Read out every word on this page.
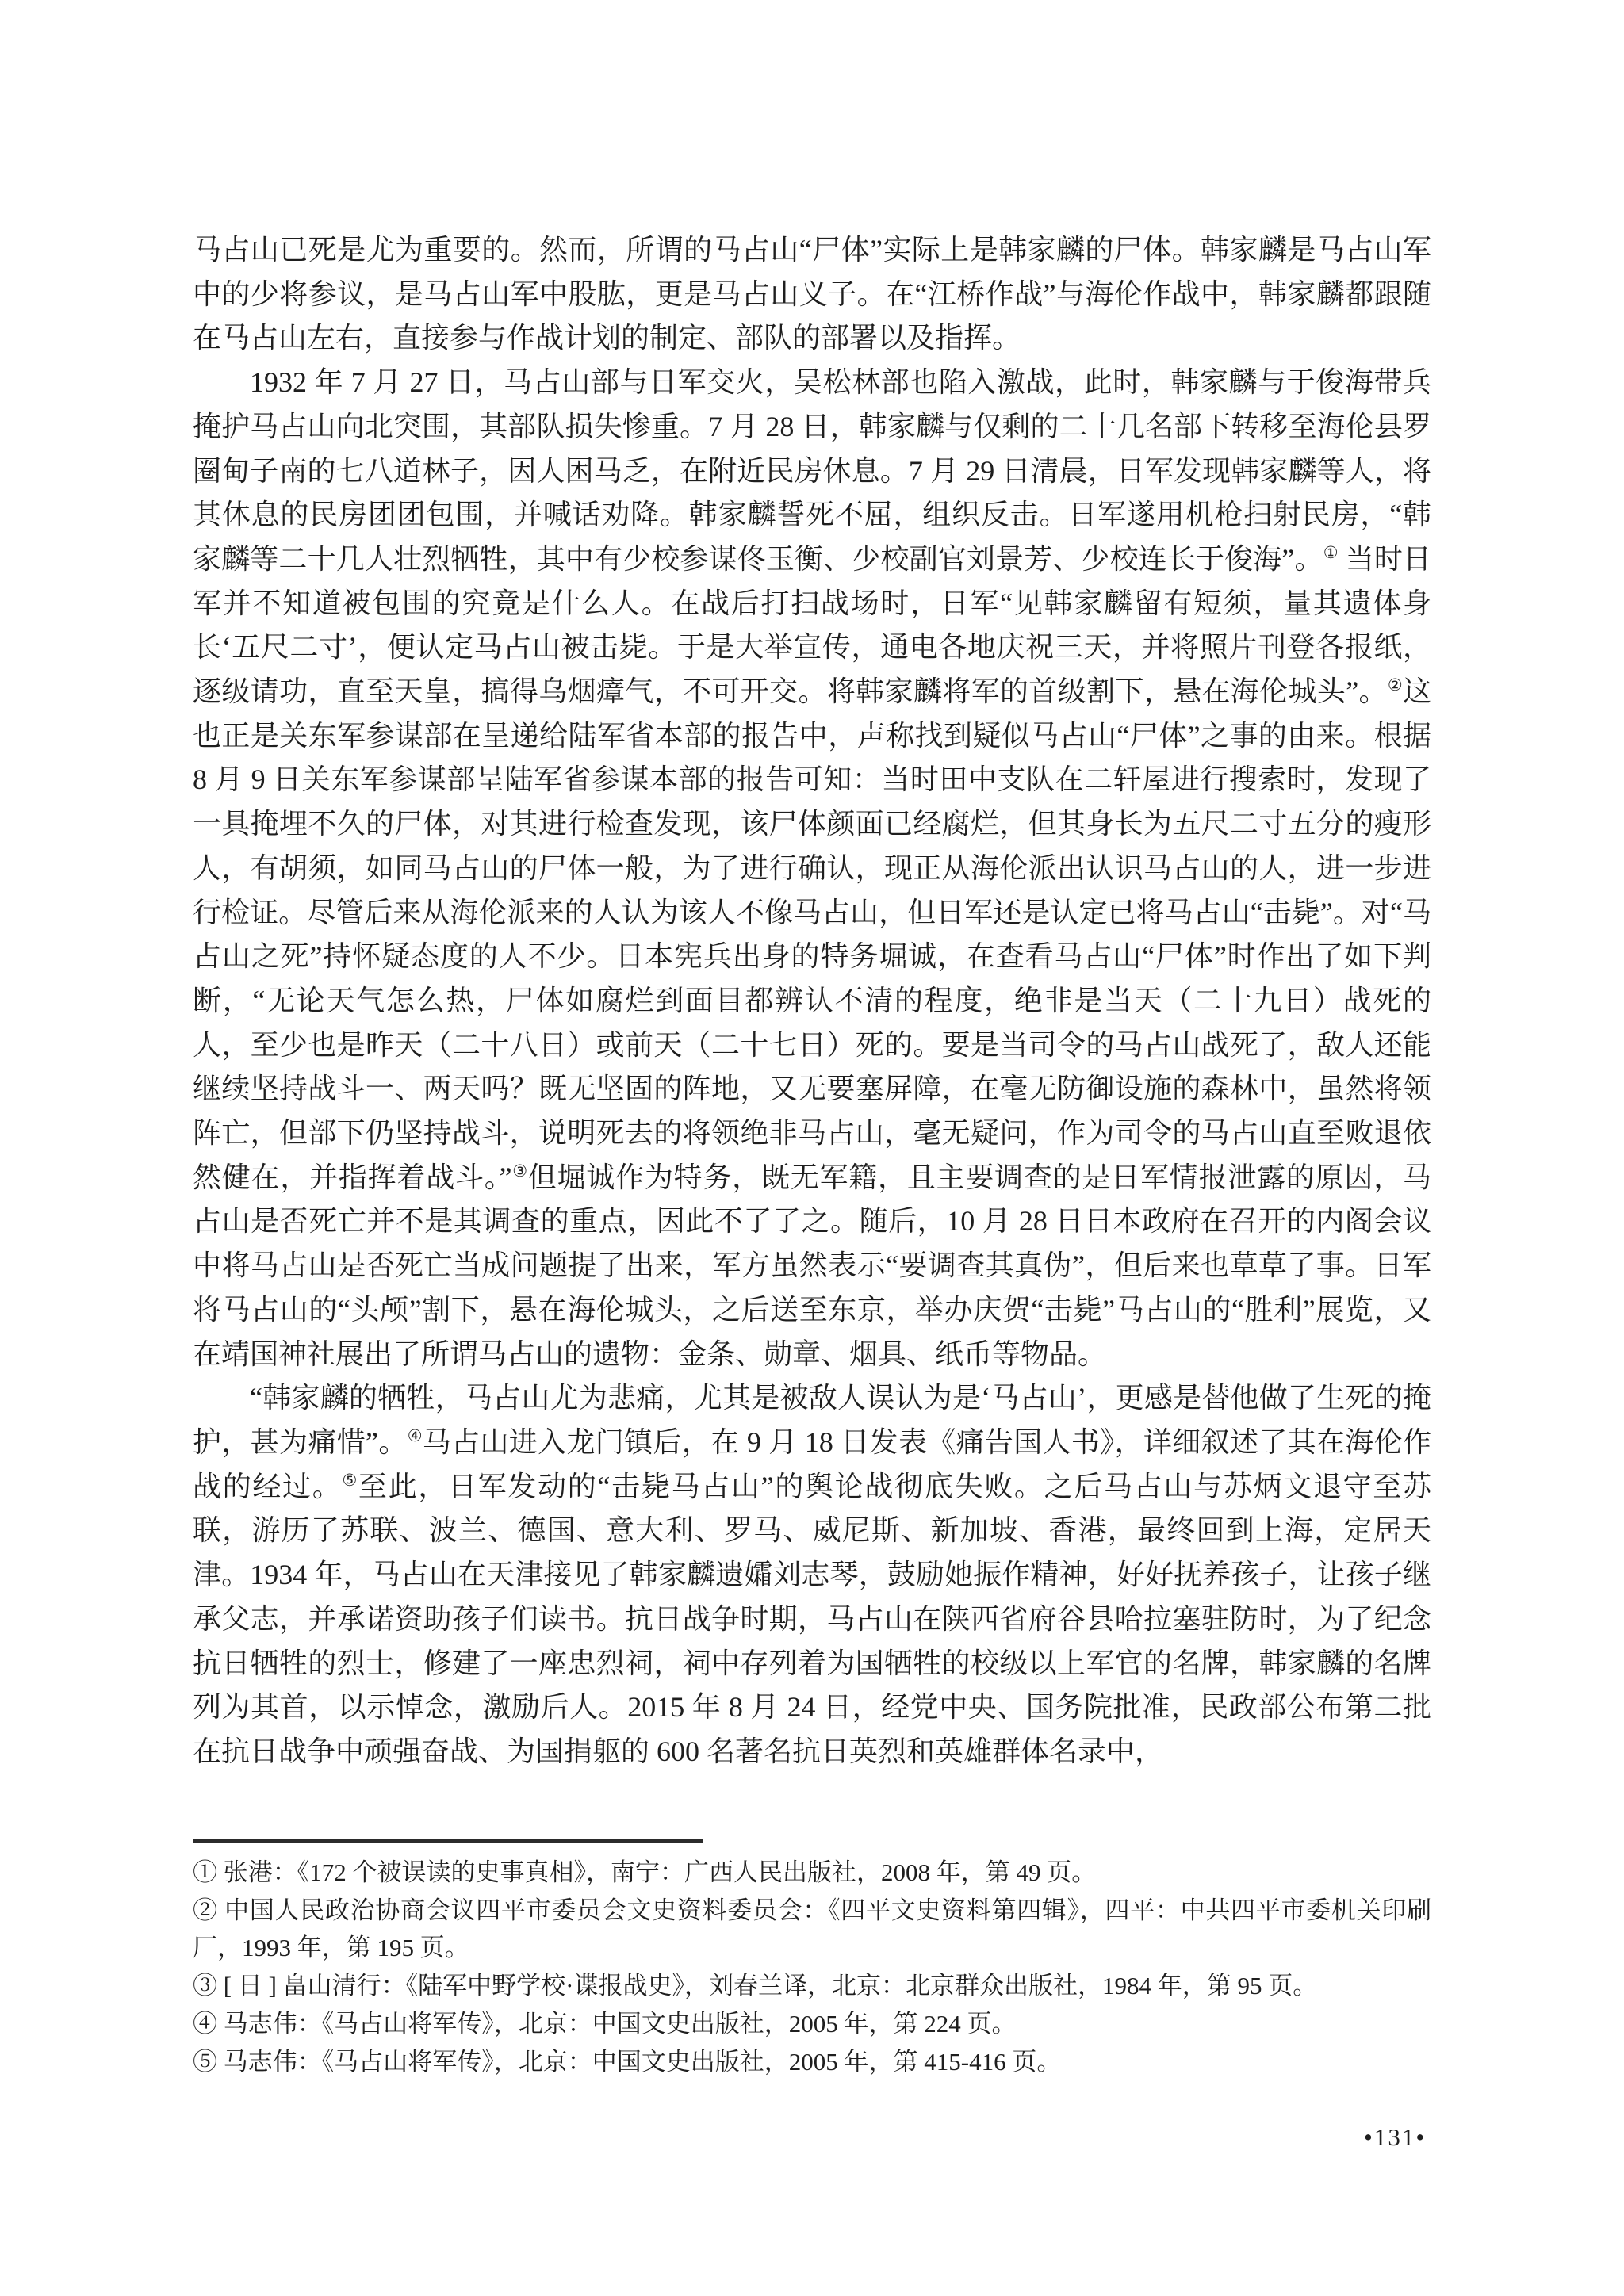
马占山已死是尤为重要的。然而，所谓的马占山“尸体”实际上是韩家麟的尸体。韩家麟是马占山军中的少将参议，是马占山军中股肱，更是马占山义子。在“江桥作战”与海伦作战中，韩家麟都跟随在马占山左右，直接参与作战计划的制定、部队的部署以及指挥。

1932 年 7 月 27 日，马占山部与日军交火，吴松林部也陷入激战，此时，韩家麟与于俊海带兵掩护马占山向北突围，其部队损失惨重。7 月 28 日，韩家麟与仅剩的二十几名部下转移至海伦县罗圈甸子南的七八道林子，因人困马乏，在附近民房休息。7 月 29 日清晨，日军发现韩家麟等人，将其休息的民房团团包围，并喊话劝降。韩家麟誓死不屈，组织反击。日军遂用机枪扫射民房，“韩家麟等二十几人壮烈牺牲，其中有少校参谋佟玉衡、少校副官刘景芳、少校连长于俊海”。① 当时日军并不知道被包围的究竟是什么人。在战后打扫战场时，日军“见韩家麟留有短须，量其遗体身长‘五尺二寸’，便认定马占山被击毙。于是大举宣传，通电各地庆祝三天，并将照片刊登各报纸，逐级请功，直至天皇，搞得乌烟瘴气，不可开交。将韩家麟将军的首级割下，悬在海伦城头”。②这也正是关东军参谋部在呈递给陆军省本部的报告中，声称找到疑似马占山“尸体”之事的由来。根据 8 月 9 日关东军参谋部呈陆军省参谋本部的报告可知：当时田中支队在二轩屋进行搜索时，发现了一具掩埋不久的尸体，对其进行检查发现，该尸体颜面已经腐烂，但其身长为五尺二寸五分的瘦形人，有胡须，如同马占山的尸体一般，为了进行确认，现正从海伦派出认识马占山的人，进一步进行检证。尽管后来从海伦派来的人认为该人不像马占山，但日军还是认定已将马占山“击毙”。对“马占山之死”持怀疑态度的人不少。日本宪兵出身的特务堀诚，在查看马占山“尸体”时作出了如下判断，“无论天气怎么热，尸体如腐烂到面目都辨认不清的程度，绝非是当天（二十九日）战死的人，至少也是昨天（二十八日）或前天（二十七日）死的。要是当司令的马占山战死了，敌人还能继续坚持战斗一、两天吗？既无坚固的阵地，又无要塞屏障，在毫无防御设施的森林中，虽然将领阵亡，但部下仍坚持战斗，说明死去的将领绝非马占山，毫无疑问，作为司令的马占山直至败退依然健在，并指挥着战斗。”③但堀诚作为特务，既无军籍，且主要调查的是日军情报泄露的原因，马占山是否死亡并不是其调查的重点，因此不了了之。随后，10 月 28 日日本政府在召开的内阁会议中将马占山是否死亡当成问题提了出来，军方虽然表示“要调查其真伪”，但后来也草草了事。日军将马占山的“头颅”割下，悬在海伦城头，之后送至东京，举办庆贺“击毙”马占山的“胜利”展览，又在靖国神社展出了所谓马占山的遗物：金条、勋章、烟具、纸币等物品。

“韩家麟的牺牲，马占山尤为悲痛，尤其是被敌人误认为是‘马占山’，更感是替他做了生死的掩护，甚为痛惜”。④马占山进入龙门镇后，在 9 月 18 日发表《痛告国人书》，详细叙述了其在海伦作战的经过。⑤至此，日军发动的“击毙马占山”的舆论战彻底失败。之后马占山与苏炳文退守至苏联，游历了苏联、波兰、德国、意大利、罗马、威尼斯、新加坡、香港，最终回到上海，定居天津。1934 年，马占山在天津接见了韩家麟遗孀刘志琴，鼓励她振作精神，好好抚养孩子，让孩子继承父志，并承诺资助孩子们读书。抗日战争时期，马占山在陕西省府谷县哈拉塞驻防时，为了纪念抗日牺牲的烈士，修建了一座忠烈祠，祠中存列着为国牺牲的校级以上军官的名牌，韩家麟的名牌列为其首，以示悼念，激励后人。2015 年 8 月 24 日，经党中央、国务院批准，民政部公布第二批在抗日战争中顽强奋战、为国捐躯的 600 名著名抗日英烈和英雄群体名录中，

① 张港：《172 个被误读的史事真相》，南宁：广西人民出版社，2008 年，第 49 页。

② 中国人民政治协商会议四平市委员会文史资料委员会：《四平文史资料第四辑》，四平：中共四平市委机关印刷厂，1993 年，第 195 页。

③ [ 日 ] 畠山清行：《陆军中野学校·谍报战史》，刘春兰译，北京：北京群众出版社，1984 年，第 95 页。

④ 马志伟：《马占山将军传》，北京：中国文史出版社，2005 年，第 224 页。

⑤ 马志伟：《马占山将军传》，北京：中国文史出版社，2005 年，第 415-416 页。

•131•
